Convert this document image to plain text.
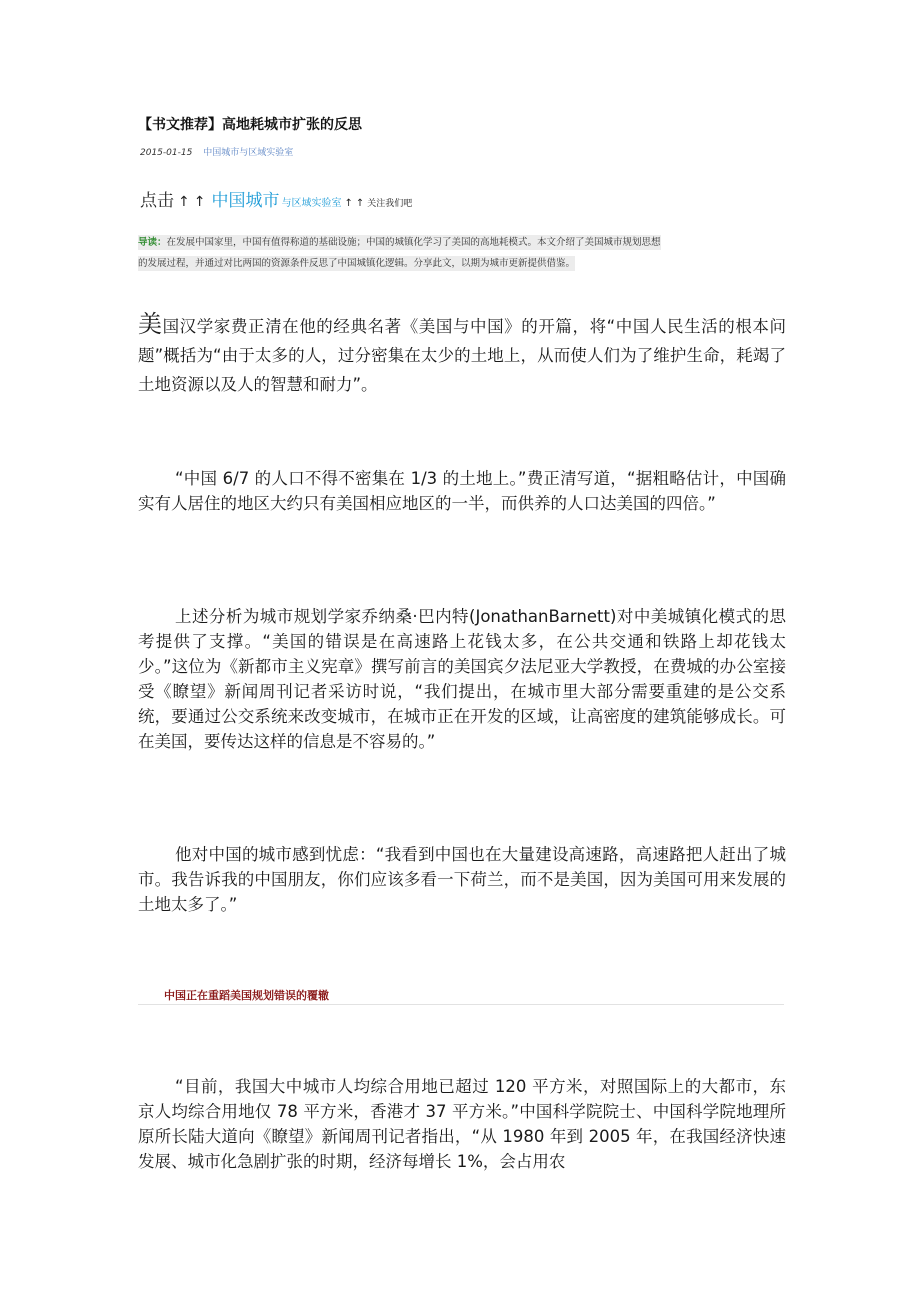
【书文推荐】高地耗城市扩张的反思
2015-01-15 中国城市与区域实验室
点击 ↑ ↑ 中国城市 与区域实验室 ↑ ↑ 关注我们吧
导读：在发展中国家里，中国有值得称道的基础设施；中国的城镇化学习了美国的高地耗模式。本文介绍了美国城市规划思想
的发展过程，并通过对比两国的资源条件反思了中国城镇化逻辑。分享此文，以期为城市更新提供借鉴。

美国汉学家费正清在他的经典名著《美国与中国》的开篇，将“中国人民生活的根本问题”概括为“由于太多的人，过分密集在太少的土地上，从而使人们为了维护生命，耗竭了土地资源以及人的智慧和耐力”。

“中国 6/7 的人口不得不密集在 1/3 的土地上。”费正清写道，“据粗略估计，中国确实有人居住的地区大约只有美国相应地区的一半，而供养的人口达美国的四倍。”

上述分析为城市规划学家乔纳桑·巴内特(JonathanBarnett)对中美城镇化模式的思考提供了支撑。“美国的错误是在高速路上花钱太多，在公共交通和铁路上却花钱太少。”这位为《新都市主义宪章》撰写前言的美国宾夕法尼亚大学教授，在费城的办公室接受《瞭望》新闻周刊记者采访时说，“我们提出，在城市里大部分需要重建的是公交系统，要通过公交系统来改变城市，在城市正在开发的区域，让高密度的建筑能够成长。可在美国，要传达这样的信息是不容易的。”

他对中国的城市感到忧虑：“我看到中国也在大量建设高速路，高速路把人赶出了城市。我告诉我的中国朋友，你们应该多看一下荷兰，而不是美国，因为美国可用来发展的土地太多了。”

中国正在重蹈美国规划错误的覆辙

“目前，我国大中城市人均综合用地已超过 120 平方米，对照国际上的大都市，东京人均综合用地仅 78 平方米，香港才 37 平方米。”中国科学院院士、中国科学院地理所原所长陆大道向《瞭望》新闻周刊记者指出，“从 1980 年到 2005 年，在我国经济快速发展、城市化急剧扩张的时期，经济每增长 1%，会占用农
